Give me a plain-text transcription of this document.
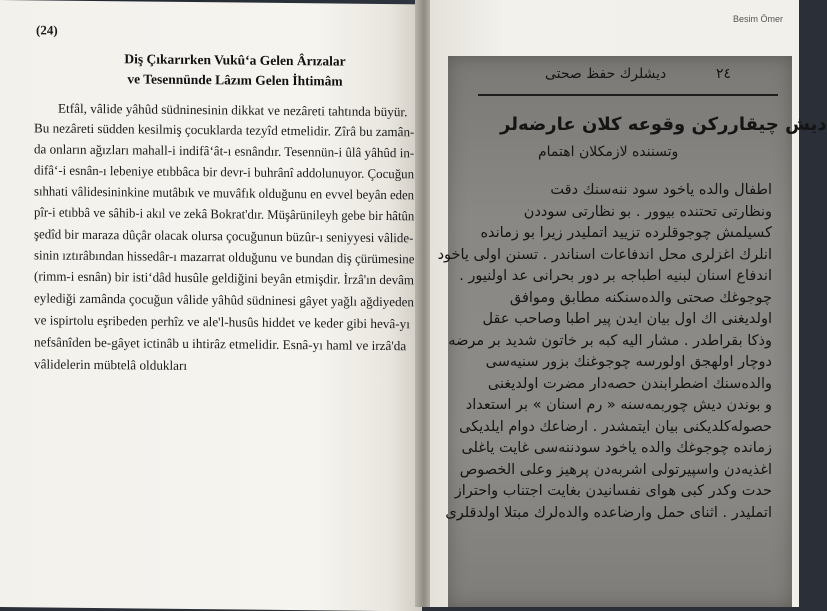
(24)
Diş Çıkarırken Vukû‘a Gelen Ârızalar
ve Tesennünde Lâzım Gelen İhtimâm
Etfâl, vâlide yâhûd südninesinin dikkat ve nezâreti tahtında büyür.
Bu nezâreti südden kesilmiş çocuklarda tezyîd etmelidir. Zîrâ bu zamân-
da onların ağızları mahall-i indifâ‘ât-ı esnândır. Tesennün-i ûlâ yâhûd in-
difâ‘-i esnân-ı lebeniye etıbbâca bir devr-i buhrânî addolunuyor. Çocuğun
sıhhati vâlidesininkine mutâbık ve muvâfık olduğunu en evvel beyân eden
pîr-i etıbbâ ve sâhib-i akıl ve zekâ Bokrat'dır. Müşârünileyh gebe bir hâtûn
şedîd bir maraza dûçâr olacak olursa çocuğunun büzûr-ı seniyyesi vâlide-
sinin ıztırâbından hissedâr-ı mazarrat olduğunu ve bundan diş çürümesine
(rimm-i esnân) bir isti‘dâd husûle geldiğini beyân etmişdir. İrzâ'ın devâm
eylediği zamânda çocuğun vâlide yâhûd südninesi gâyet yağlı ağdiyeden
ve ispirtolu eşribeden perhîz ve ale'l-husûs hiddet ve keder gibi hevâ-yı
nefsânîden be-gâyet ictinâb u ihtirâz etmelidir. Esnâ-yı haml ve irzâ'da
vâlidelerin mübtelâ oldukları
Besim Ömer
دیشلرك حفظ صحتی	٢٤
دیش چیقاررکن وقوعه کلان عارضه‌لر
وتسننده لازمکلان اهتمام
اطفال والده یاخود سود ننه‌سنك دقت
ونظارتی تحتنده بیوور . بو نظارتی سوددن
کسیلمش چوجوقلرده تزیید اتملیدر زیرا بو زمانده
انلرك اغزلری محل اندفاعات اسناندر . تسنن اولی یاخود
اندفاع اسنان لبنیه اطباجه بر دور بحرانی عد اولنیور .
چوجوغك صحتی والده‌سنکنه مطابق وموافق
اولدیغنی اك اول بیان ایدن پیر اطبا وصاحب عقل
وذکا بقراطدر . مشار الیه کبه بر خاتون شدید بر مرضه
دوچار اولهجق اولورسه چوجوغنك بزور سنیه‌سی
والده‌سنك اضطرابندن حصه‌دار مضرت اولدیغنی
و بوندن دیش چوربمه‌سنه « رم اسنان » بر استعداد
حصوله‌کلدیکنی بیان ایتمشدر . ارضاعك دوام ایلدیکی
زمانده چوجوغك والده یاخود سودننه‌سی غایت یاغلی
اغذیه‌دن واسپیرتولی اشربه‌دن پرهیز وعلی الخصوص
حدت وکدر کبی هوای نفسانیدن بغایت اجتناب واحتراز
اتملیدر . اثنای حمل وارضاعده والده‌لرك مبتلا اولدقلری
